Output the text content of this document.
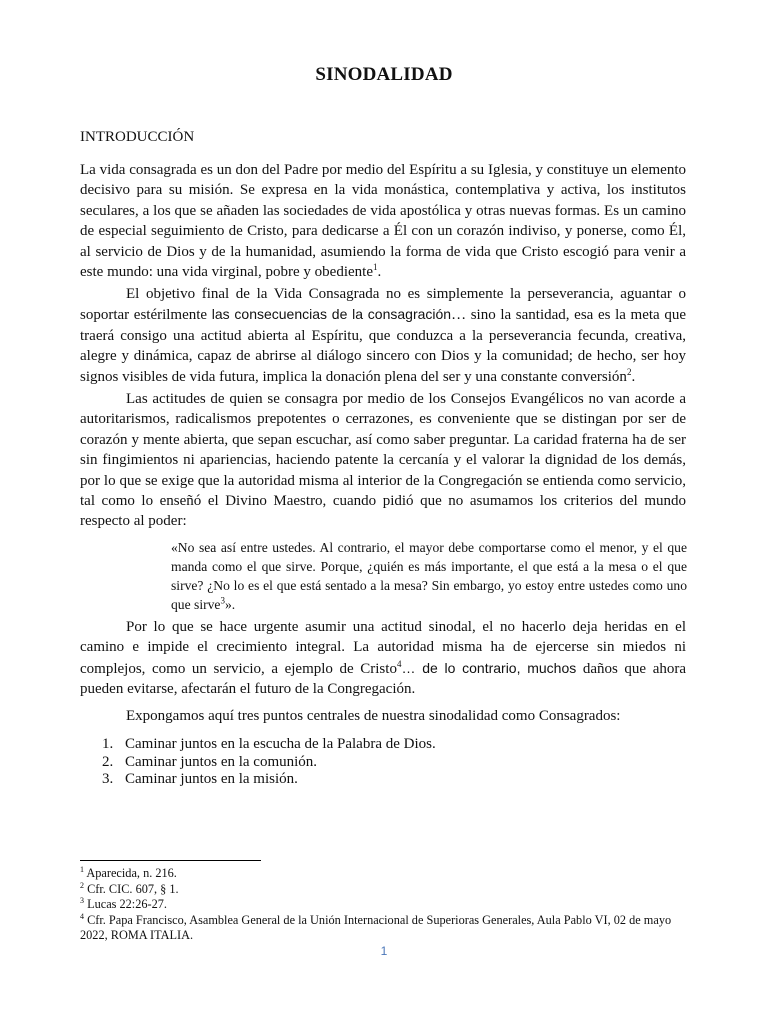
SINODALIDAD
INTRODUCCIÓN

La vida consagrada es un don del Padre por medio del Espíritu a su Iglesia, y constituye un elemento decisivo para su misión. Se expresa en la vida monástica, contemplativa y activa, los institutos seculares, a los que se añaden las sociedades de vida apostólica y otras nuevas formas. Es un camino de especial seguimiento de Cristo, para dedicarse a Él con un corazón indiviso, y ponerse, como Él, al servicio de Dios y de la humanidad, asumiendo la forma de vida que Cristo escogió para venir a este mundo: una vida virginal, pobre y obediente$^1$.

El objetivo final de la Vida Consagrada no es simplemente la perseverancia, aguantar o soportar estérilmente las consecuencias de la consagración… sino la santidad, esa es la meta que traerá consigo una actitud abierta al Espíritu, que conduzca a la perseverancia fecunda, creativa, alegre y dinámica, capaz de abrirse al diálogo sincero con Dios y la comunidad; de hecho, ser hoy signos visibles de vida futura, implica la donación plena del ser y una constante conversión$^2$.

Las actitudes de quien se consagra por medio de los Consejos Evangélicos no van acorde a autoritarismos, radicalismos prepotentes o cerrazones, es conveniente que se distingan por ser de corazón y mente abierta, que sepan escuchar, así como saber preguntar. La caridad fraterna ha de ser sin fingimientos ni apariencias, haciendo patente la cercanía y el valorar la dignidad de los demás, por lo que se exige que la autoridad misma al interior de la Congregación se entienda como servicio, tal como lo enseñó el Divino Maestro, cuando pidió que no asumamos los criterios del mundo respecto al poder:

«No sea así entre ustedes. Al contrario, el mayor debe comportarse como el menor, y el que manda como el que sirve. Porque, ¿quién es más importante, el que está a la mesa o el que sirve? ¿No lo es el que está sentado a la mesa? Sin embargo, yo estoy entre ustedes como uno que sirve$^3$».

Por lo que se hace urgente asumir una actitud sinodal, el no hacerlo deja heridas en el camino e impide el crecimiento integral. La autoridad misma ha de ejercerse sin miedos ni complejos, como un servicio, a ejemplo de Cristo$^4$… de lo contrario, muchos daños que ahora pueden evitarse, afectarán el futuro de la Congregación.

Expongamos aquí tres puntos centrales de nuestra sinodalidad como Consagrados:

1. Caminar juntos en la escucha de la Palabra de Dios.
2. Caminar juntos en la comunión.
3. Caminar juntos en la misión.

$^1$ Aparecida, n. 216.

$^2$ Cfr. CIC. 607, § 1.

$^3$ Lucas 22:26-27.

$^4$ Cfr. Papa Francisco, Asamblea General de la Unión Internacional de Superioras Generales, Aula Pablo VI, 02 de mayo 2022, ROMA ITALIA.

1
